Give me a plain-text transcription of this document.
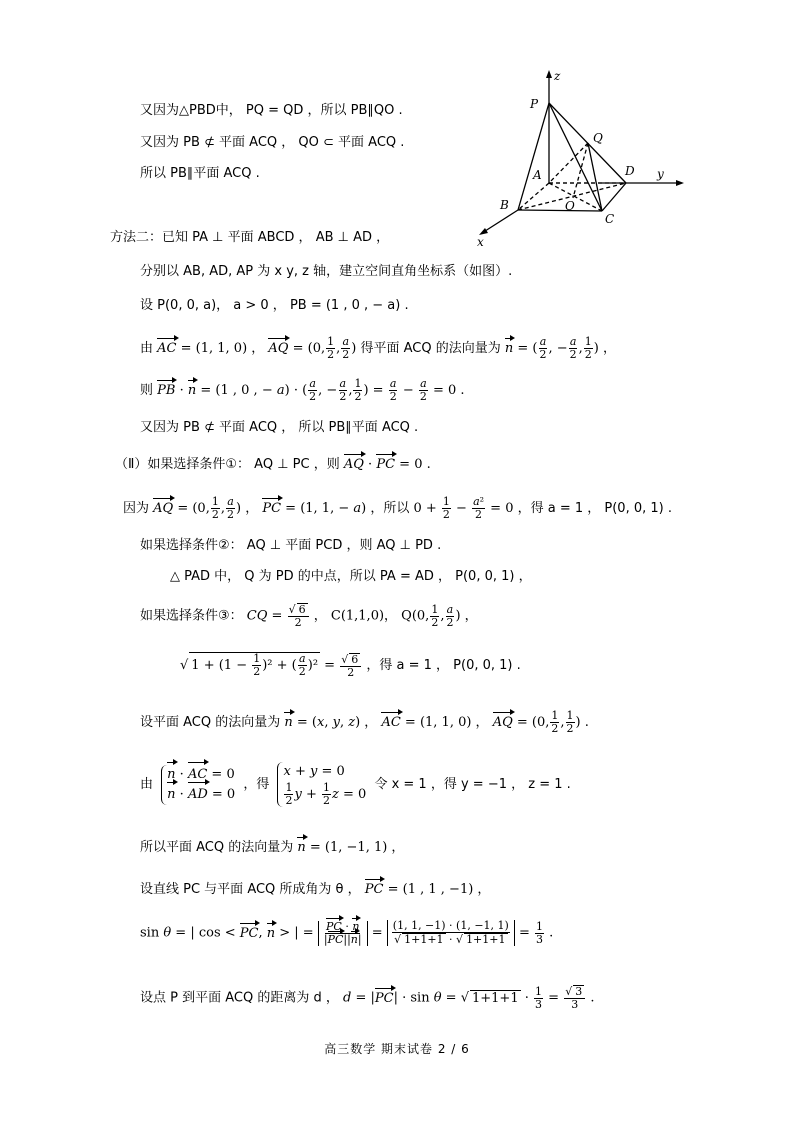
z
P
Q
A	D y
B	O
C
x
又因为△PBD中， PQ = QD ，所以 PB∥QO .
又因为 PB ⊄ 平面 ACQ ， QO ⊂ 平面 ACQ .
所以 PB∥平面 ACQ .
方法二：已知 PA ⊥ 平面 ABCD ， AB ⊥ AD ，
分别以 AB, AD, AP 为 x y, z 轴，建立空间直角坐标系（如图）.
设 P(0, 0, a)， a > 0 ， PB = (1 , 0 , − a) .
由 AC = (1, 1, 0) ， AQ = (0, $\frac{1}{2}$ , $\frac{a}{2}$ ) 得平面 ACQ 的法向量为 n = ( $\frac{a}{2}$ , − $\frac{a}{2}$ , $\frac{1}{2}$ ) ，
则 PB · n = (1 , 0 , − a) · ( $\frac{a}{2}$ , − $\frac{a}{2}$ , $\frac{1}{2}$ ) = $\frac{a}{2} - \frac{a}{2} = 0$ .
又因为 PB ⊄ 平面 ACQ ， 所以 PB∥平面 ACQ .
（Ⅱ）如果选择条件①： AQ ⊥ PC ，则 AQ · PC = 0 .
因为 AQ = (0, $\frac{1}{2}$ , $\frac{a}{2}$ ) ， PC = (1, 1, − a) ，所以 $0 + \frac{1}{2} - \frac{\text{a²}}{2} = 0$ ，得 a = 1 ， P(0, 0, 1) .
如果选择条件②： AQ ⊥ 平面 PCD ，则 AQ ⊥ PD .
△ PAD 中， Q 为 PD 的中点，所以 PA = AD ， P(0, 0, 1) ，
如果选择条件③： CQ = $\frac{√ 6}{2}$ ， C(1,1,0)， Q(0, $\frac{1}{2}$ , $\frac{a}{2}$ ) ，
√ $1 + (1 - \frac{1}{2} )^2$ + ( $\frac{a}{2} )^2 = \frac{√ 6}{2}$ ，得 a = 1 ， P(0, 0, 1) .
设平面 ACQ 的法向量为 n = (x, y, z) ， AC = (1, 1, 0) ， AQ = (0, $\frac{1}{2}$ , $\frac{1}{2}$ ) .
由
n · AC = 0
n · AD = 0
，得
x + y = 0
$\frac{1}{2}$ $y + \frac{1}{2}$ z = 0
令 x = 1 ，得 y = −1 ， z = 1 .
所以平面 ACQ 的法向量为 n = (1, −1, 1) ，
设直线 PC 与平面 ACQ 所成角为 θ ， PC = (1 , 1 , −1) ，
sin θ = | cos < PC, n > | = $\frac{PC \cdot n}{|PC||n|} = \frac{(1, 1, -1) \cdot (1, -1, 1)}{√ 1+1+1 \cdot √ 1+1+1} = \frac{1}{3}$ .
设点 P 到平面 ACQ 的距离为 d ， d = |PC| · sin θ = √ $1+1+1 \cdot \frac{1}{3} = \frac{√ 3}{3}$ .
高三数学 期末试卷 2 / 6
